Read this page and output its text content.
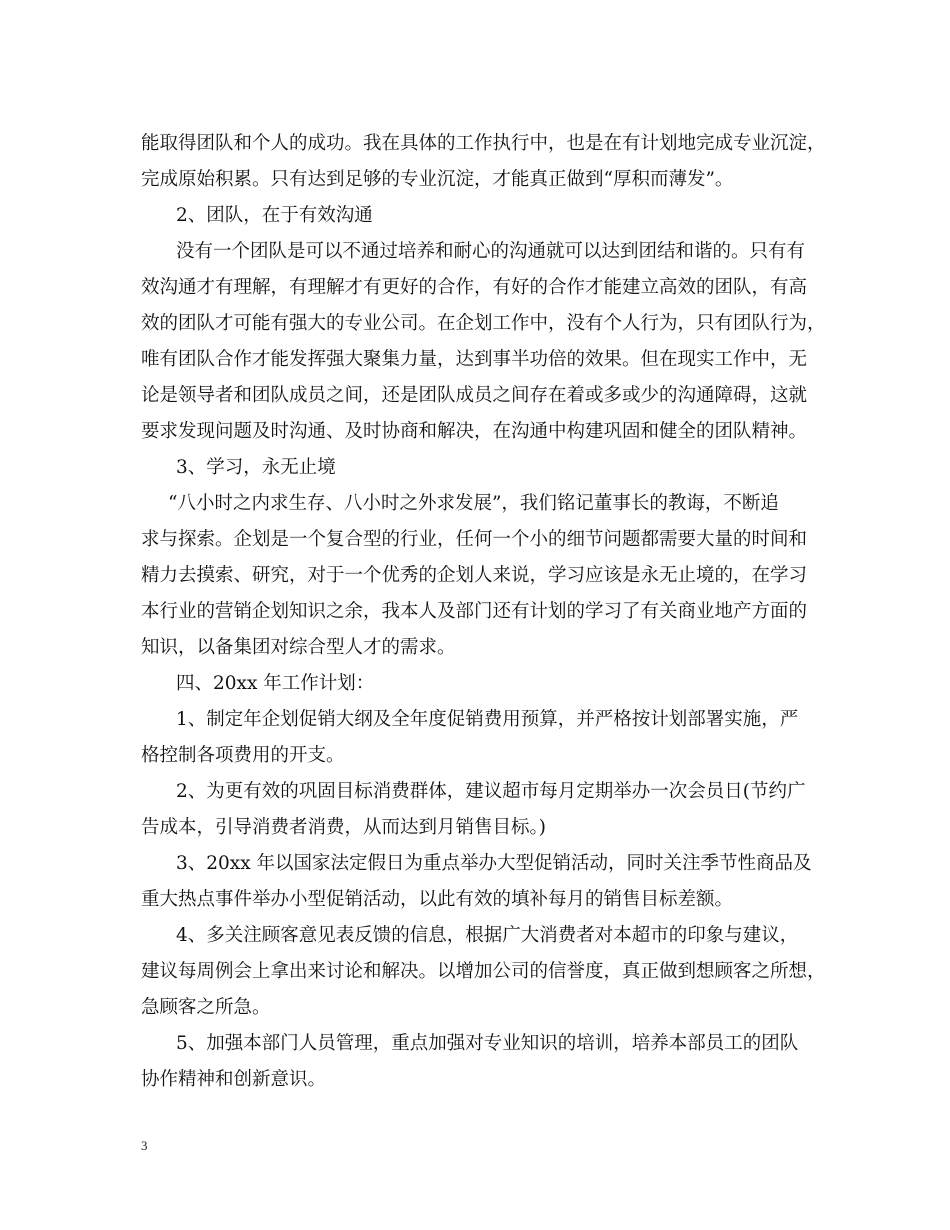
能取得团队和个人的成功。我在具体的工作执行中，也是在有计划地完成专业沉淀，
完成原始积累。只有达到足够的专业沉淀，才能真正做到“厚积而薄发”。
2、团队，在于有效沟通
没有一个团队是可以不通过培养和耐心的沟通就可以达到团结和谐的。只有有
效沟通才有理解，有理解才有更好的合作，有好的合作才能建立高效的团队，有高
效的团队才可能有强大的专业公司。在企划工作中，没有个人行为，只有团队行为，
唯有团队合作才能发挥强大聚集力量，达到事半功倍的效果。但在现实工作中，无
论是领导者和团队成员之间，还是团队成员之间存在着或多或少的沟通障碍，这就
要求发现问题及时沟通、及时协商和解决，在沟通中构建巩固和健全的团队精神。
3、学习，永无止境
“八小时之内求生存、八小时之外求发展”，我们铭记董事长的教诲，不断追
求与探索。企划是一个复合型的行业，任何一个小的细节问题都需要大量的时间和
精力去摸索、研究，对于一个优秀的企划人来说，学习应该是永无止境的，在学习
本行业的营销企划知识之余，我本人及部门还有计划的学习了有关商业地产方面的
知识，以备集团对综合型人才的需求。
四、20xx 年工作计划：
1、制定年企划促销大纲及全年度促销费用预算，并严格按计划部署实施，严
格控制各项费用的开支。
2、为更有效的巩固目标消费群体，建议超市每月定期举办一次会员日(节约广
告成本，引导消费者消费，从而达到月销售目标。)
3、20xx 年以国家法定假日为重点举办大型促销活动，同时关注季节性商品及
重大热点事件举办小型促销活动，以此有效的填补每月的销售目标差额。
4、多关注顾客意见表反馈的信息，根据广大消费者对本超市的印象与建议，
建议每周例会上拿出来讨论和解决。以增加公司的信誉度，真正做到想顾客之所想，
急顾客之所急。
5、加强本部门人员管理，重点加强对专业知识的培训，培养本部员工的团队
协作精神和创新意识。
3
